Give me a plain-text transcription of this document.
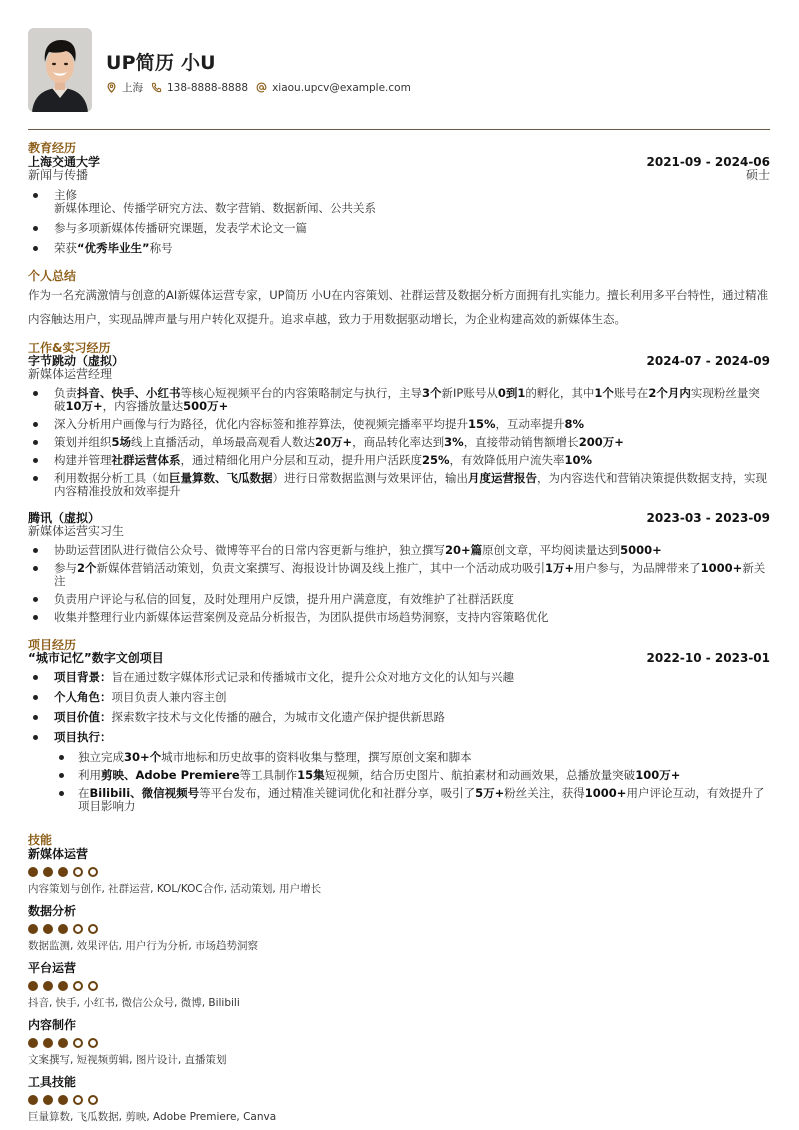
UP简历 小U
上海 138-8888-8888 xiaou.upcv@example.com
教育经历
上海交通大学	2021-09 - 2024-06
新闻与传播	硕士
主修
新媒体理论、传播学研究方法、数字营销、数据新闻、公共关系
参与多项新媒体传播研究课题，发表学术论文一篇
荣获“优秀毕业生”称号
个人总结
作为一名充满激情与创意的AI新媒体运营专家，UP简历 小U在内容策划、社群运营及数据分析方面拥有扎实能力。擅长利用多平台特性，通过精准内容触达用户，实现品牌声量与用户转化双提升。追求卓越，致力于用数据驱动增长，为企业构建高效的新媒体生态。
工作&实习经历
字节跳动（虚拟）	2024-07 - 2024-09
新媒体运营经理
负责抖音、快手、小红书等核心短视频平台的内容策略制定与执行，主导3个新IP账号从0到1的孵化，其中1个账号在2个月内实现粉丝量突破10万+，内容播放量达500万+
深入分析用户画像与行为路径，优化内容标签和推荐算法，使视频完播率平均提升15%，互动率提升8%
策划并组织5场线上直播活动，单场最高观看人数达20万+，商品转化率达到3%，直接带动销售额增长200万+
构建并管理社群运营体系，通过精细化用户分层和互动，提升用户活跃度25%，有效降低用户流失率10%
利用数据分析工具（如巨量算数、飞瓜数据）进行日常数据监测与效果评估，输出月度运营报告，为内容迭代和营销决策提供数据支持，实现内容精准投放和效率提升
腾讯（虚拟）	2023-03 - 2023-09
新媒体运营实习生
协助运营团队进行微信公众号、微博等平台的日常内容更新与维护，独立撰写20+篇原创文章，平均阅读量达到5000+
参与2个新媒体营销活动策划，负责文案撰写、海报设计协调及线上推广，其中一个活动成功吸引1万+用户参与，为品牌带来了1000+新关注
负责用户评论与私信的回复，及时处理用户反馈，提升用户满意度，有效维护了社群活跃度
收集并整理行业内新媒体运营案例及竞品分析报告，为团队提供市场趋势洞察，支持内容策略优化
项目经历
“城市记忆”数字文创项目	2022-10 - 2023-01
项目背景：旨在通过数字媒体形式记录和传播城市文化，提升公众对地方文化的认知与兴趣
个人角色：项目负责人兼内容主创
项目价值：探索数字技术与文化传播的融合，为城市文化遗产保护提供新思路
项目执行：
独立完成30+个城市地标和历史故事的资料收集与整理，撰写原创文案和脚本
利用剪映、Adobe Premiere等工具制作15集短视频，结合历史图片、航拍素材和动画效果，总播放量突破100万+
在Bilibili、微信视频号等平台发布，通过精准关键词优化和社群分享，吸引了5万+粉丝关注，获得1000+用户评论互动，有效提升了项目影响力
技能
新媒体运营
内容策划与创作, 社群运营, KOL/KOC合作, 活动策划, 用户增长
数据分析
数据监测, 效果评估, 用户行为分析, 市场趋势洞察
平台运营
抖音, 快手, 小红书, 微信公众号, 微博, Bilibili
内容制作
文案撰写, 短视频剪辑, 图片设计, 直播策划
工具技能
巨量算数, 飞瓜数据, 剪映, Adobe Premiere, Canva
